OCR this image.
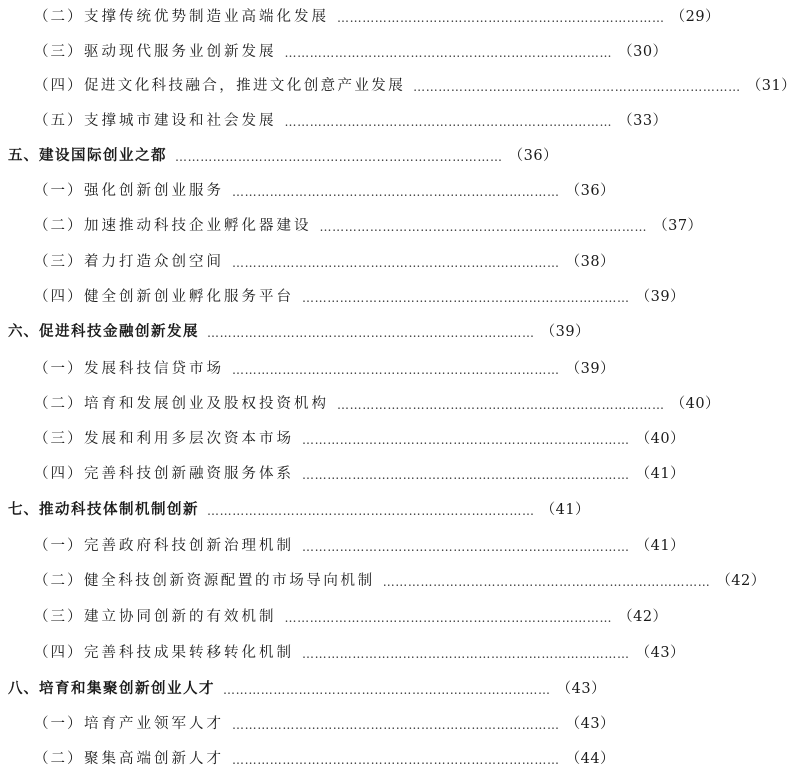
（二） 支撑传统优势制造业高端化发展 …………………………………………………………………… （29）
（三） 驱动现代服务业创新发展 …………………………………………………………………… （30）
（四） 促进文化科技融合，推进文化创意产业发展 …………………………………………………………………… （31）
（五） 支撑城市建设和社会发展 …………………………………………………………………… （33）
五、 建设国际创业之都 …………………………………………………………………… （36）
（一） 强化创新创业服务 …………………………………………………………………… （36）
（二） 加速推动科技企业孵化器建设 …………………………………………………………………… （37）
（三） 着力打造众创空间 …………………………………………………………………… （38）
（四） 健全创新创业孵化服务平台 …………………………………………………………………… （39）
六、 促进科技金融创新发展 …………………………………………………………………… （39）
（一） 发展科技信贷市场 …………………………………………………………………… （39）
（二） 培育和发展创业及股权投资机构 …………………………………………………………………… （40）
（三） 发展和利用多层次资本市场 …………………………………………………………………… （40）
（四） 完善科技创新融资服务体系 …………………………………………………………………… （41）
七、 推动科技体制机制创新 …………………………………………………………………… （41）
（一） 完善政府科技创新治理机制 …………………………………………………………………… （41）
（二） 健全科技创新资源配置的市场导向机制 …………………………………………………………………… （42）
（三） 建立协同创新的有效机制 …………………………………………………………………… （42）
（四） 完善科技成果转移转化机制 …………………………………………………………………… （43）
八、 培育和集聚创新创业人才 …………………………………………………………………… （43）
（一） 培育产业领军人才 …………………………………………………………………… （43）
（二） 聚集高端创新人才 …………………………………………………………………… （44）
